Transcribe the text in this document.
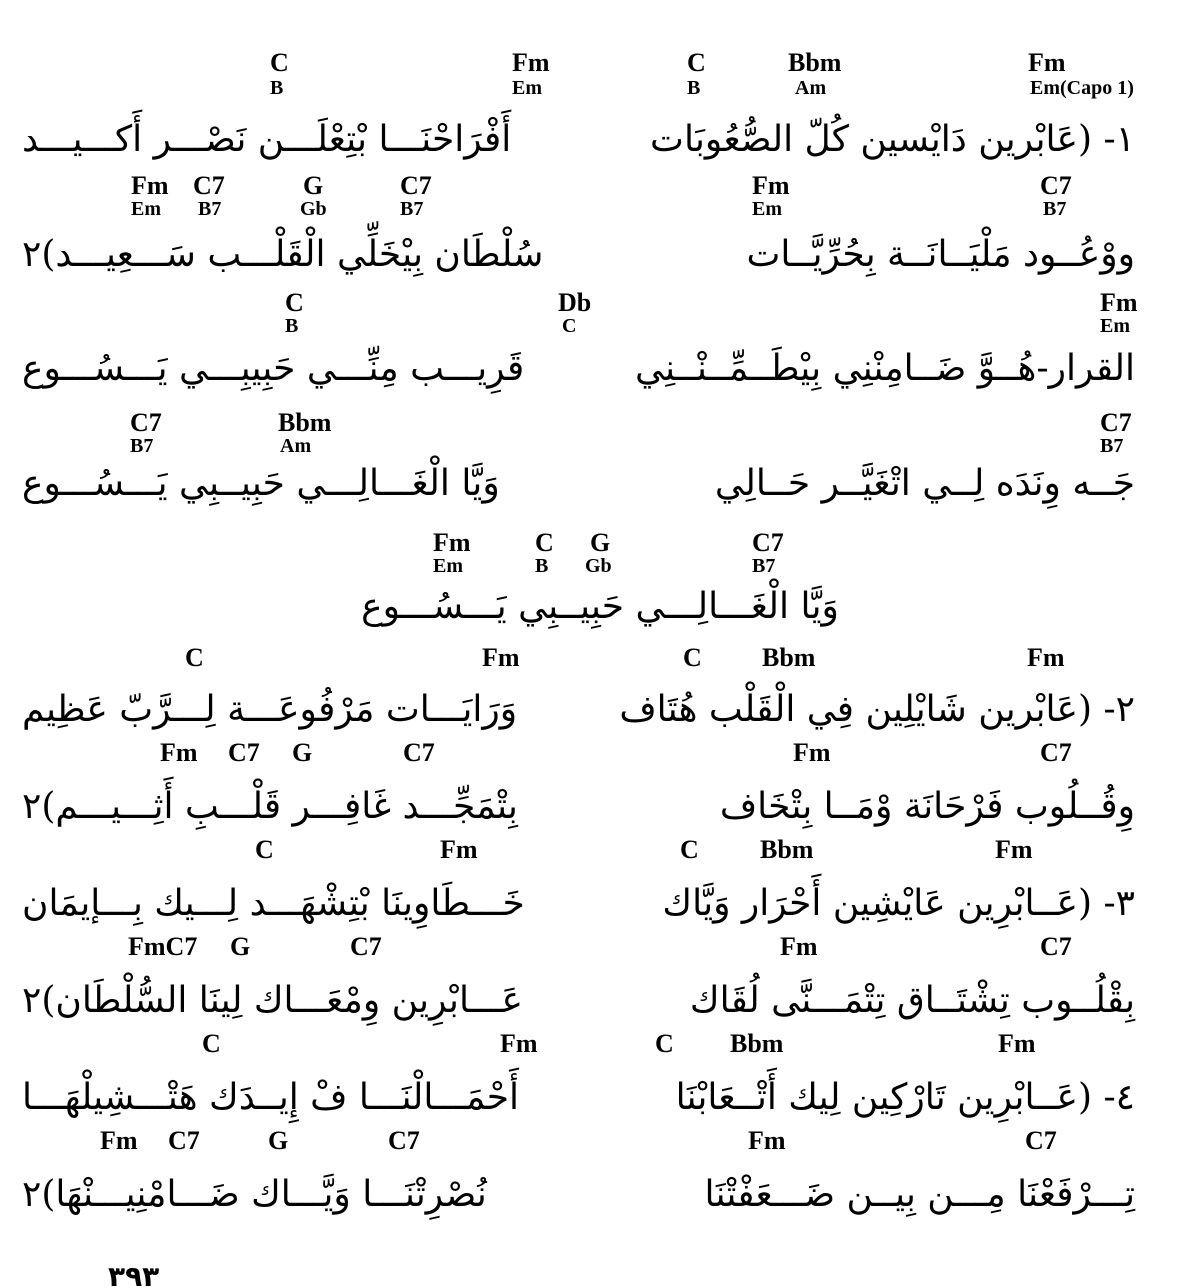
C
B
Fm
Em
C
B
Bbm
Am
Fm
Em(Capo 1)
Fm
Em
C7
B7
G
Gb
C7
B7
Fm
Em
C7
B7
C
B
Db
C
Fm
Em
C7
B7
Bbm
Am
C7
B7
Fm
Em
C
B
G
Gb
C7
B7
C	Fm	C Bbm	Fm
Fm C7 G	C7	Fm	C7
C	Fm	C Bbm	Fm
FmC7 G	C7	Fm	C7
C	Fm	C Bbm	Fm
Fm C7	G	C7	Fm	C7
١- (عَابْرين دَايْسين كُلّ الصُّعُوبَات
أَفْرَاحْنَـــا بْتِعْلَـــن نَصْـــر أَكـــيـــد
ووْعُــود مَلْيَــانَــة بِحُرِّيَّــات
سُلْطَان بِيْخَلِّي الْقَلْـــب سَـــعِيـــد)٢
القرار-هُــوَّ ضَــامِنْنِي بِيْطَــمِّــنْــنِي
قَرِيـــب مِنِّـــي حَبِيبِـــي يَـــسُـــوع
جَــه وِنَدَه لِــي اتْغَيَّــر حَــالِي
وَيَّا الْغَـــالِـــي حَبِيــبِي يَـــسُـــوع
وَيَّا الْغَـــالِـــي حَبِيــبِي يَـــسُـــوع
٢- (عَابْرين شَايْلِين فِي الْقَلْب هُتَاف
وَرَايَـــات مَرْفُوعَـــة لِـــرَّبّ عَظِيم
وِقُــلُوب فَرْحَانَة وْمَــا بِتْخَاف
بِتْمَجِّـــد غَافِـــر قَلْـــبِ أَثِـــيـــم)٢
٣- (عَــابْرِين عَايْشِين أَحْرَار وَيَّاك
خَـــطَاوِينَا بْتِشْهَـــد لِـــيك بِـــإيمَان
بِقْلُــوب تِشْتَــاق تِتْمَـــنَّى لُقَاك
عَـــابْرِين وِمْعَـــاك لِينَا السُّلْطَان)٢
٤- (عَــابْرِين تَارْكِين لِيك أَتْــعَابْنَا
أَحْمَـــالْنَـــا فْ إِيــدَك هَتْـــشِيلْهَـــا
تِـــرْفَعْنَا مِـــن بِيــن ضَـــعَفْتْنَا
نُصْرِتْنَـــا وَيَّـــاك ضَـــامْنِيـــنْهَا)٢
٣٩٣
